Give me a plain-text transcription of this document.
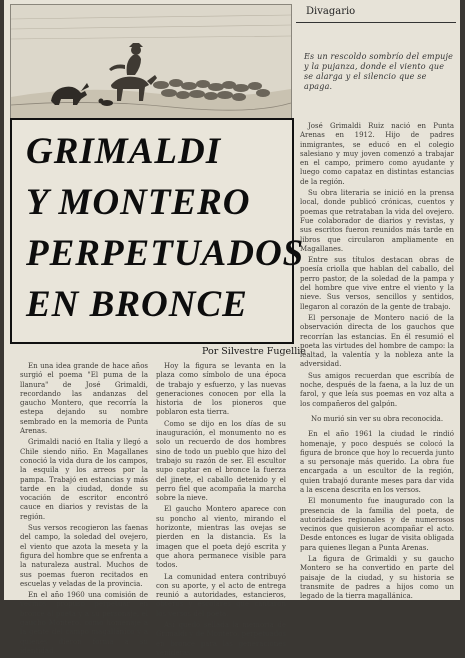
Divagario
Es un rescoldo sombrío del empuje y la pujanza, donde el viento que se alarga y el silencio que se apaga.
GRIMALDI
Y MONTERO
PERPETUADOS
EN BRONCE
Por Silvestre Fugellie

En una idea grande de hace años surgió el poema "El puma de la llanura" de José Grimaldi, recordando las andanzas del gaucho Montero, que recorría la estepa dejando su nombre sembrado en la memoria de Punta Arenas.

Grimaldi nació en Italia y llegó a Chile siendo niño. En Magallanes conoció la vida dura de los campos, la esquila y los arreos por la pampa. Trabajó en estancias y más tarde en la ciudad, donde su vocación de escritor encontró cauce en diarios y revistas de la región.

Sus versos recogieron las faenas del campo, la soledad del ovejero, el viento que azota la meseta y la figura del hombre que se enfrenta a la naturaleza austral. Muchos de sus poemas fueron recitados en escuelas y veladas de la provincia.

En el año 1960 una comisión de vecinos propuso perpetuar en bronce al poeta y a su personaje, el gaucho Montero, como homenaje a la gente del campo magallánico y a quienes dieron forma a su identidad.

Hoy la figura se levanta en la plaza como símbolo de una época de trabajo y esfuerzo, y las nuevas generaciones conocen por ella la historia de los pioneros que poblaron esta tierra.

Como se dijo en los días de su inauguración, el monumento no es solo un recuerdo de dos hombres sino de todo un pueblo que hizo del trabajo su razón de ser. El escultor supo captar en el bronce la fuerza del jinete, el caballo detenido y el perro fiel que acompaña la marcha sobre la nieve.

El gaucho Montero aparece con su poncho al viento, mirando el horizonte, mientras las ovejas se pierden en la distancia. Es la imagen que el poeta dejó escrita y que ahora permanece visible para todos.

La comunidad entera contribuyó con su aporte, y el acto de entrega reunió a autoridades, estancieros, obreros y escolares que cantaron los versos del poeta.

Así quedó sellada la memoria de Grimaldi y de Montero, perpetuados en bronce para las generaciones venideras.

José Grimaldi Ruiz nació en Punta Arenas en 1912. Hijo de padres inmigrantes, se educó en el colegio salesiano y muy joven comenzó a trabajar en el campo, primero como ayudante y luego como capataz en distintas estancias de la región.

Su obra literaria se inició en la prensa local, donde publicó crónicas, cuentos y poemas que retrataban la vida del ovejero. Fue colaborador de diarios y revistas, y sus escritos fueron reunidos más tarde en libros que circularon ampliamente en Magallanes.

Entre sus títulos destacan obras de poesía criolla que hablan del caballo, del perro pastor, de la soledad de la pampa y del hombre que vive entre el viento y la nieve. Sus versos, sencillos y sentidos, llegaron al corazón de la gente de trabajo.

El personaje de Montero nació de la observación directa de los gauchos que recorrían las estancias. En él resumió el poeta las virtudes del hombre de campo: la lealtad, la valentía y la nobleza ante la adversidad.

Sus amigos recuerdan que escribía de noche, después de la faena, a la luz de un farol, y que leía sus poemas en voz alta a los compañeros del galpón.

No murió sin ver su obra reconocida.

En el año 1961 la ciudad le rindió homenaje, y poco después se colocó la figura de bronce que hoy lo recuerda junto a su personaje más querido. La obra fue encargada a un escultor de la región, quien trabajó durante meses para dar vida a la escena descrita en los versos.

El monumento fue inaugurado con la presencia de la familia del poeta, de autoridades regionales y de numerosos vecinos que quisieron acompañar el acto. Desde entonces es lugar de visita obligada para quienes llegan a Punta Arenas.

La figura de Grimaldi y su gaucho Montero se ha convertido en parte del paisaje de la ciudad, y su historia se transmite de padres a hijos como un legado de la tierra magallánica.
